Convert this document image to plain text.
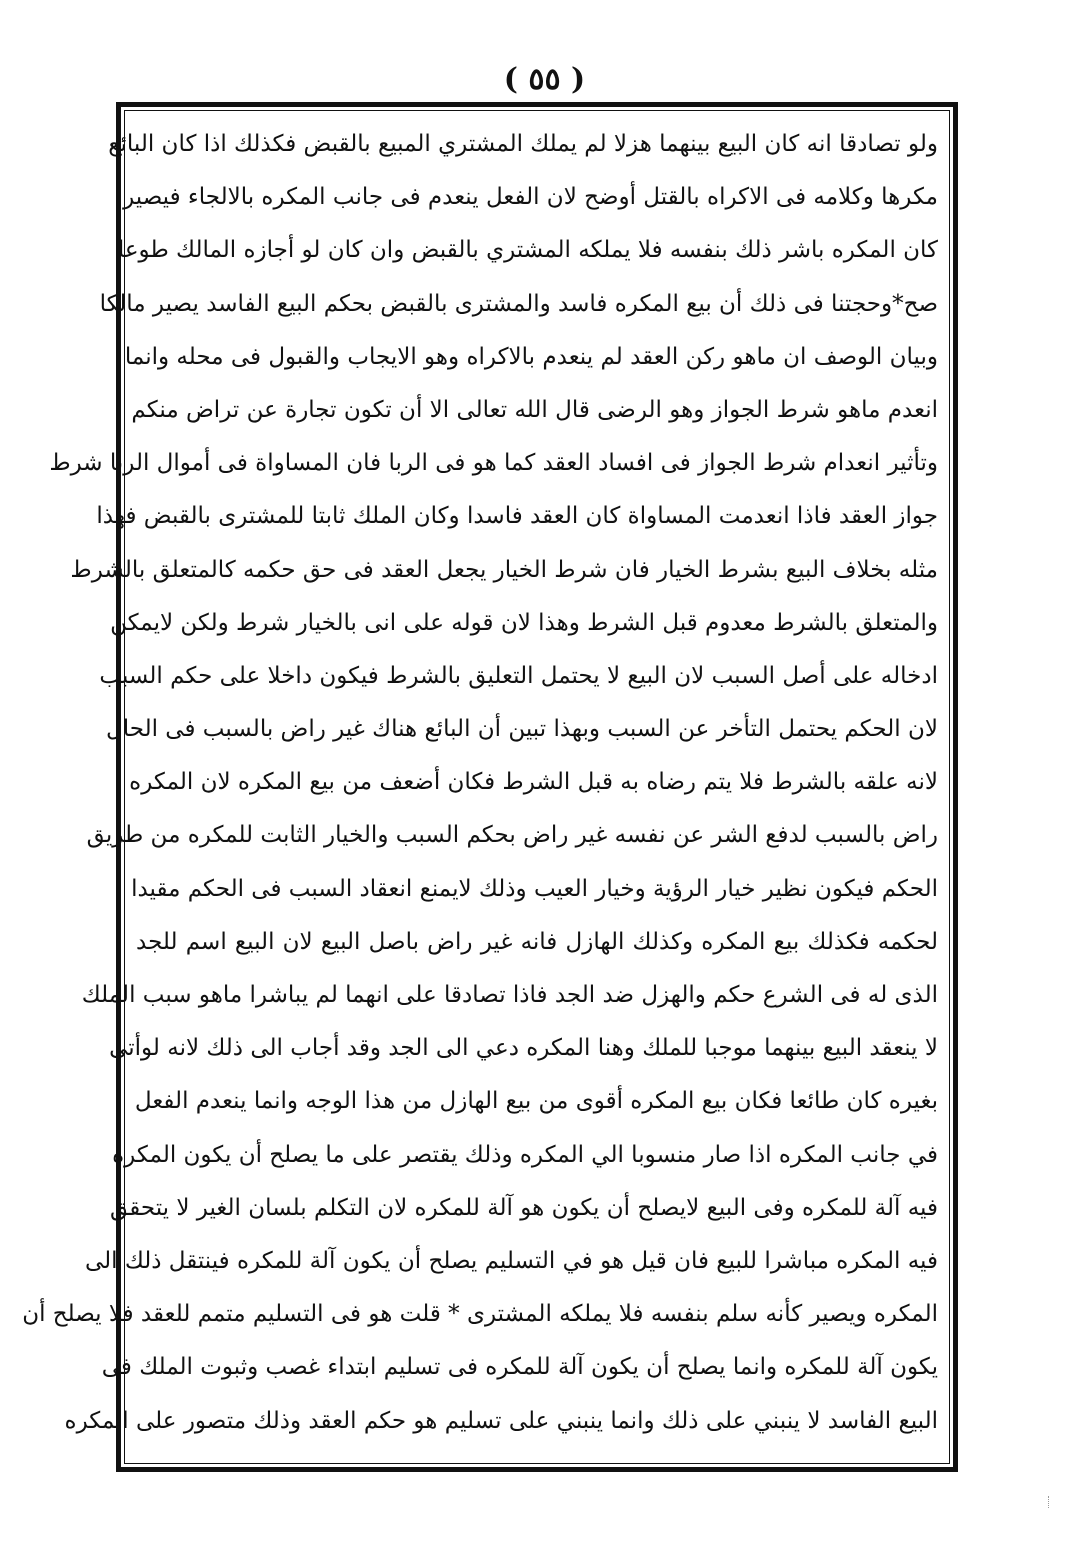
( ٥٥ )
ولو تصادقا انه كان البيع بينهما هزلا لم يملك المشتري المبيع بالقبض فكذلك اذا كان البائع
مكرها وكلامه فى الاكراه بالقتل أوضح لان الفعل ينعدم فى جانب المكره بالالجاء فيصير
كان المكره باشر ذلك بنفسه فلا يملكه المشتري بالقبض وان كان لو أجازه المالك طوعا
صح*وحجتنا فى ذلك أن بيع المكره فاسد والمشترى بالقبض بحكم البيع الفاسد يصير مالكا
وبيان الوصف ان ماهو ركن العقد لم ينعدم بالاكراه وهو الايجاب والقبول فى محله وانما
انعدم ماهو شرط الجواز وهو الرضى قال الله تعالى الا أن تكون تجارة عن تراض منكم
وتأثير انعدام شرط الجواز فى افساد العقد كما هو فى الربا فان المساواة فى أموال الربا شرط
جواز العقد فاذا انعدمت المساواة كان العقد فاسدا وكان الملك ثابتا للمشترى بالقبض فهذا
مثله بخلاف البيع بشرط الخيار فان شرط الخيار يجعل العقد فى حق حكمه كالمتعلق بالشرط
والمتعلق بالشرط معدوم قبل الشرط وهذا لان قوله على انى بالخيار شرط ولكن لايمكن
ادخاله على أصل السبب لان البيع لا يحتمل التعليق بالشرط فيكون داخلا على حكم السبب
لان الحكم يحتمل التأخر عن السبب وبهذا تبين أن البائع هناك غير راض بالسبب فى الحال
لانه علقه بالشرط فلا يتم رضاه به قبل الشرط فكان أضعف من بيع المكره لان المكره
راض بالسبب لدفع الشر عن نفسه غير راض بحكم السبب والخيار الثابت للمكره من طريق
الحكم فيكون نظير خيار الرؤية وخيار العيب وذلك لايمنع انعقاد السبب فى الحكم مقيدا
لحكمه فكذلك بيع المكره وكذلك الهازل فانه غير راض باصل البيع لان البيع اسم للجد
الذى له فى الشرع حكم والهزل ضد الجد فاذا تصادقا على انهما لم يباشرا ماهو سبب الملك
لا ينعقد البيع بينهما موجبا للملك وهنا المكره دعي الى الجد وقد أجاب الى ذلك لانه لوأتى
بغيره كان طائعا فكان بيع المكره أقوى من بيع الهازل من هذا الوجه وانما ينعدم الفعل
في جانب المكره اذا صار منسوبا الي المكره وذلك يقتصر على ما يصلح أن يكون المكره
فيه آلة للمكره وفى البيع لايصلح أن يكون هو آلة للمكره لان التكلم بلسان الغير لا يتحقق
فيه المكره مباشرا للبيع فان قيل هو في التسليم يصلح أن يكون آلة للمكره فينتقل ذلك الى
المكره ويصير كأنه سلم بنفسه فلا يملكه المشترى * قلت هو فى التسليم متمم للعقد فلا يصلح أن
يكون آلة للمكره وانما يصلح أن يكون آلة للمكره فى تسليم ابتداء غصب وثبوت الملك فى
البيع الفاسد لا ينبني على ذلك وانما ينبني على تسليم هو حكم العقد وذلك متصور على المكره
